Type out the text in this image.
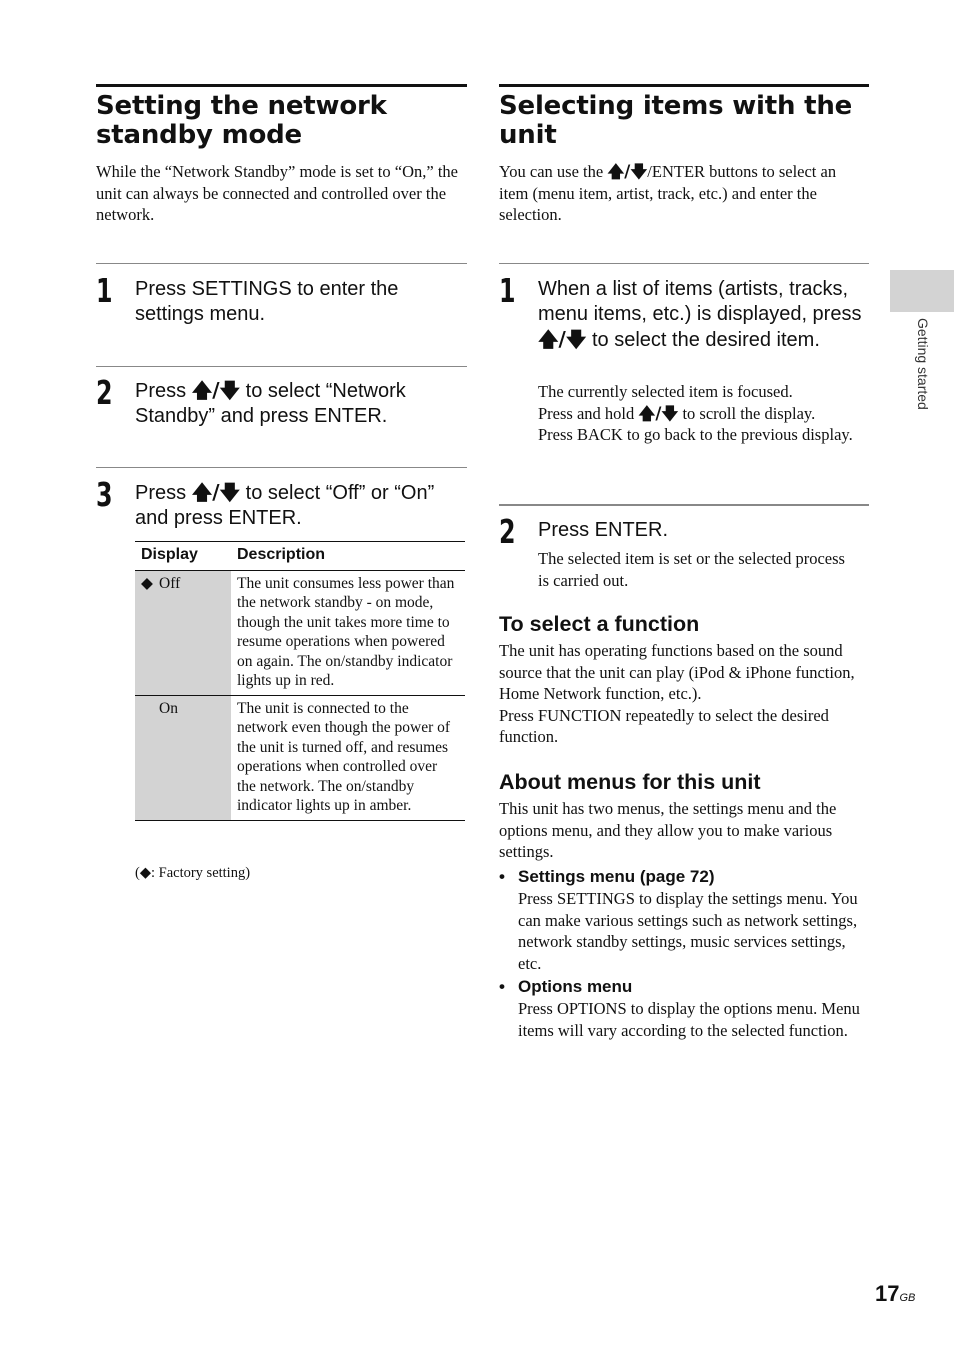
Setting the network standby mode

While the “Network Standby” mode is set to “On,” the unit can always be connected and controlled over the network.

1 Press SETTINGS to enter the settings menu.

2 Press 🡅/🡇 to select “Network Standby” and press ENTER.

3 Press 🡅/🡇 to select “Off” or “On” and press ENTER.

Display	Description
◆ Off	The unit consumes less power than the network standby - on mode, though the unit takes more time to resume operations when powered on again. The on/standby indicator lights up in red.
On	The unit is connected to the network even though the power of the unit is turned off, and resumes operations when controlled over the network. The on/standby indicator lights up in amber.
(◆: Factory setting)
Selecting items with the unit

You can use the 🡅/🡇/ENTER buttons to select an item (menu item, artist, track, etc.) and enter the selection.

1 When a list of items (artists, tracks, menu items, etc.) is displayed, press 🡅/🡇 to select the desired item.

The currently selected item is focused.

Press and hold 🡅/🡇 to scroll the display.

Press BACK to go back to the previous display.

2 Press ENTER.

The selected item is set or the selected process is carried out.

To select a function

The unit has operating functions based on the sound source that the unit can play (iPod & iPhone function, Home Network function, etc.).

Press FUNCTION repeatedly to select the desired function.

About menus for this unit

This unit has two menus, the settings menu and the options menu, and they allow you to make various settings.

• Settings menu (page 72)

Press SETTINGS to display the settings menu. You can make various settings such as network settings, network standby settings, music services settings, etc.

• Options menu

Press OPTIONS to display the options menu. Menu items will vary according to the selected function.

Getting started
17GB
